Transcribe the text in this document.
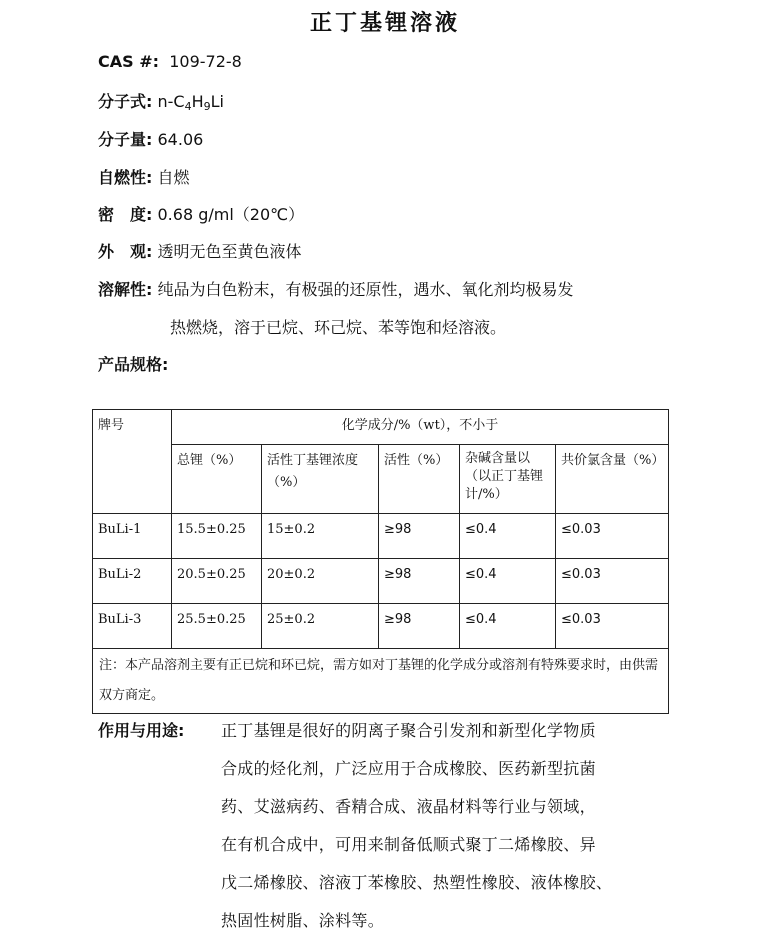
正丁基锂溶液
CAS #: 109-72-8
分子式: $n-C_4H_9Li$
分子量: 64.06
自燃性: 自燃
密　度: 0.68 g/ml（20℃）
外　观: 透明无色至黄色液体
溶解性: 纯品为白色粉末，有极强的还原性，遇水、氧化剂均极易发
热燃烧，溶于已烷、环己烷、苯等饱和烃溶液。
产品规格:
牌号	化学成分/%（wt），不小于				
	总锂（%）	活性丁基锂浓度（%）	活性（%）	杂碱含量以（以正丁基锂计/%）	共价氯含量（%）
BuLi-1	15.5±0.25	15±0.2	≥98	≤0.4	≤0.03
BuLi-2	20.5±0.25	20±0.2	≥98	≤0.4	≤0.03
BuLi-3	25.5±0.25	25±0.2	≥98	≤0.4	≤0.03
注：本产品溶剂主要有正已烷和环已烷，需方如对丁基锂的化学成分或溶剂有特殊要求时，由供需双方商定。					
作用与用途: 正丁基锂是很好的阴离子聚合引发剂和新型化学物质
合成的烃化剂，广泛应用于合成橡胶、医药新型抗菌
药、艾滋病药、香精合成、液晶材料等行业与领域，
在有机合成中，可用来制备低顺式聚丁二烯橡胶、异
戊二烯橡胶、溶液丁苯橡胶、热塑性橡胶、液体橡胶、
热固性树脂、涂料等。
